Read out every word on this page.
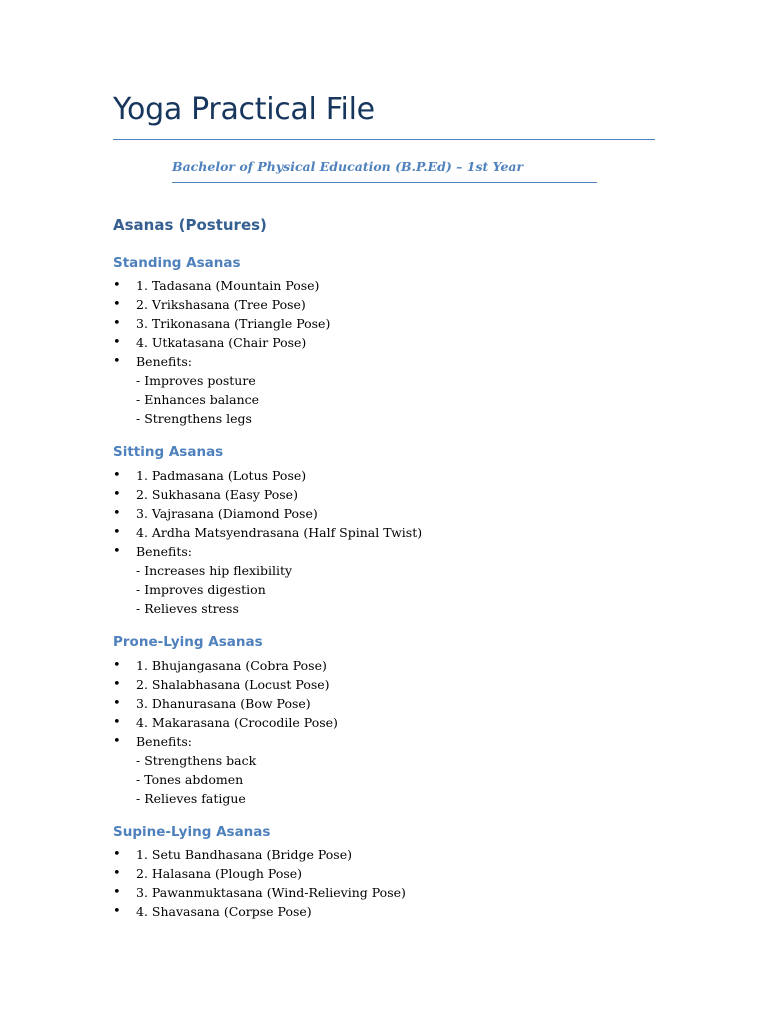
Yoga Practical File
Bachelor of Physical Education (B.P.Ed) – 1st Year
Asanas (Postures)
Standing Asanas
• 1. Tadasana (Mountain Pose)
• 2. Vrikshasana (Tree Pose)
• 3. Trikonasana (Triangle Pose)
• 4. Utkatasana (Chair Pose)
• Benefits:
- Improves posture
- Enhances balance
- Strengthens legs
Sitting Asanas
• 1. Padmasana (Lotus Pose)
• 2. Sukhasana (Easy Pose)
• 3. Vajrasana (Diamond Pose)
• 4. Ardha Matsyendrasana (Half Spinal Twist)
• Benefits:
- Increases hip flexibility
- Improves digestion
- Relieves stress
Prone-Lying Asanas
• 1. Bhujangasana (Cobra Pose)
• 2. Shalabhasana (Locust Pose)
• 3. Dhanurasana (Bow Pose)
• 4. Makarasana (Crocodile Pose)
• Benefits:
- Strengthens back
- Tones abdomen
- Relieves fatigue
Supine-Lying Asanas
• 1. Setu Bandhasana (Bridge Pose)
• 2. Halasana (Plough Pose)
• 3. Pawanmuktasana (Wind-Relieving Pose)
• 4. Shavasana (Corpse Pose)
